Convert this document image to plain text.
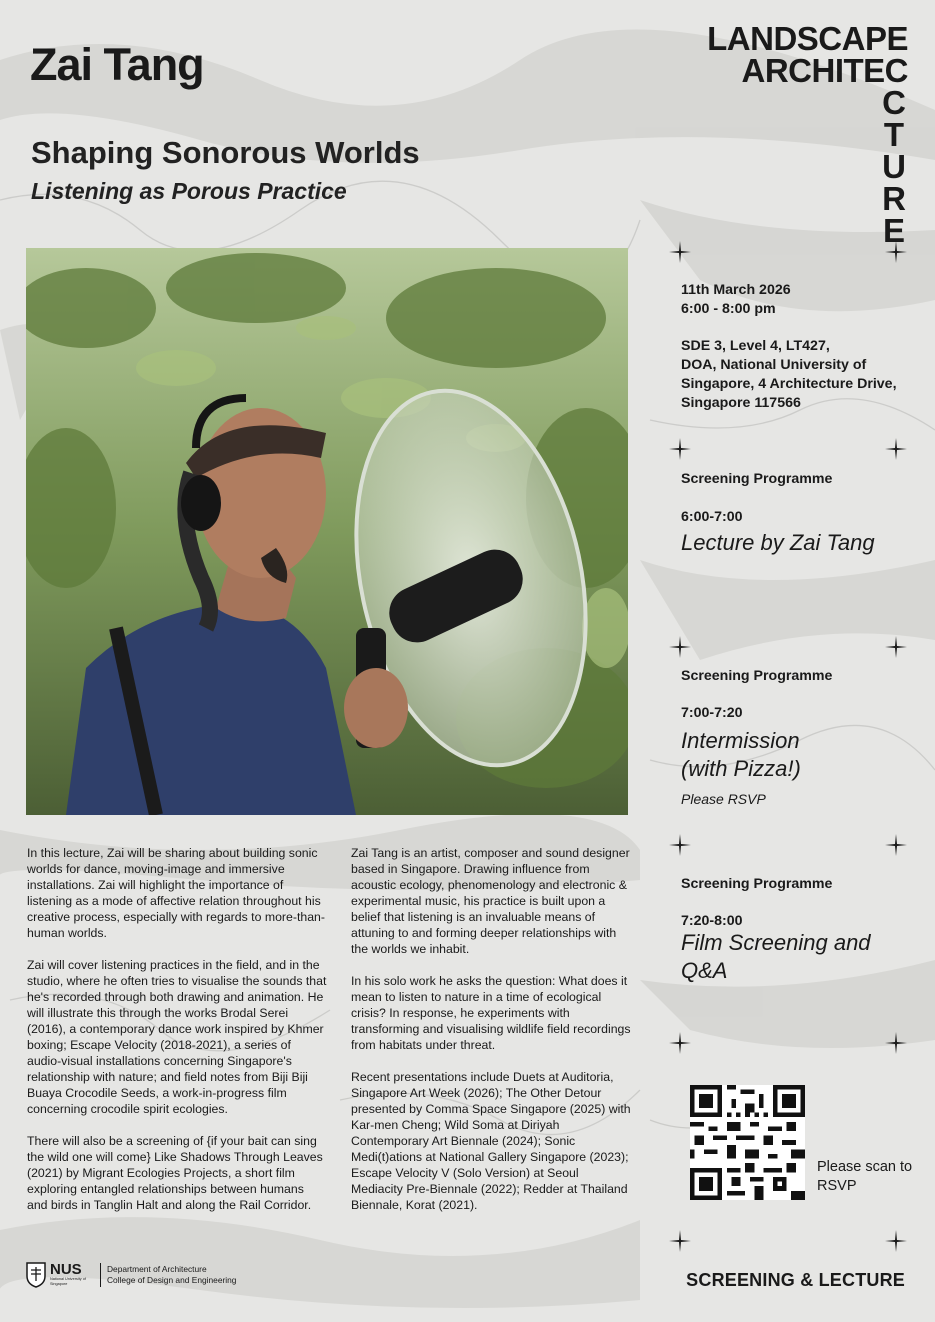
Zai Tang
Shaping Sonorous Worlds
Listening as Porous Practice
LANDSCAPE
ARCHITEC
C
T
U
R
E
11th March 2026
6:00 - 8:00 pm
SDE 3, Level 4, LT427,
DOA, National University of
Singapore, 4 Architecture Drive,
Singapore 117566
Screening Programme
6:00-7:00
Lecture by Zai Tang
Screening Programme
7:00-7:20
Intermission
(with Pizza!)
Please RSVP
Screening Programme
7:20-8:00
Film Screening and
Q&A
Please scan to RSVP
SCREENING & LECTURE

In this lecture, Zai will be sharing about building sonic worlds for dance, moving-image and immersive installations. Zai will highlight the importance of listening as a mode of affective relation throughout his creative process, especially with regards to more-than-human worlds.

Zai will cover listening practices in the field, and in the studio, where he often tries to visualise the sounds that he's recorded through both drawing and animation. He will illustrate this through the works Brodal Serei (2016), a contemporary dance work inspired by Khmer boxing; Escape Velocity (2018-2021), a series of audio-visual installations concerning Singapore's relationship with nature; and field notes from Biji Biji Buaya Crocodile Seeds, a work-in-progress film concerning crocodile spirit ecologies.

There will also be a screening of {if your bait can sing the wild one will come} Like Shadows Through Leaves (2021) by Migrant Ecologies Projects, a short film exploring entangled relationships between humans and birds in Tanglin Halt and along the Rail Corridor.

Zai Tang is an artist, composer and sound designer based in Singapore. Drawing influence from acoustic ecology, phenomenology and electronic & experimental music, his practice is built upon a belief that listening is an invaluable means of attuning to and forming deeper relationships with the worlds we inhabit.

In his solo work he asks the question: What does it mean to listen to nature in a time of ecological crisis? In response, he experiments with transforming and visualising wildlife field recordings from habitats under threat.

Recent presentations include Duets at Auditoria, Singapore Art Week (2026); The Other Detour presented by Comma Space Singapore (2025) with Kar-men Cheng; Wild Soma at Diriyah Contemporary Art Biennale (2024); Sonic Medi(t)ations at National Gallery Singapore (2023); Escape Velocity V (Solo Version) at Seoul Mediacity Pre-Biennale (2022); Redder at Thailand Biennale, Korat (2021).

NUS
National University of Singapore
Department of Architecture
College of Design and Engineering
